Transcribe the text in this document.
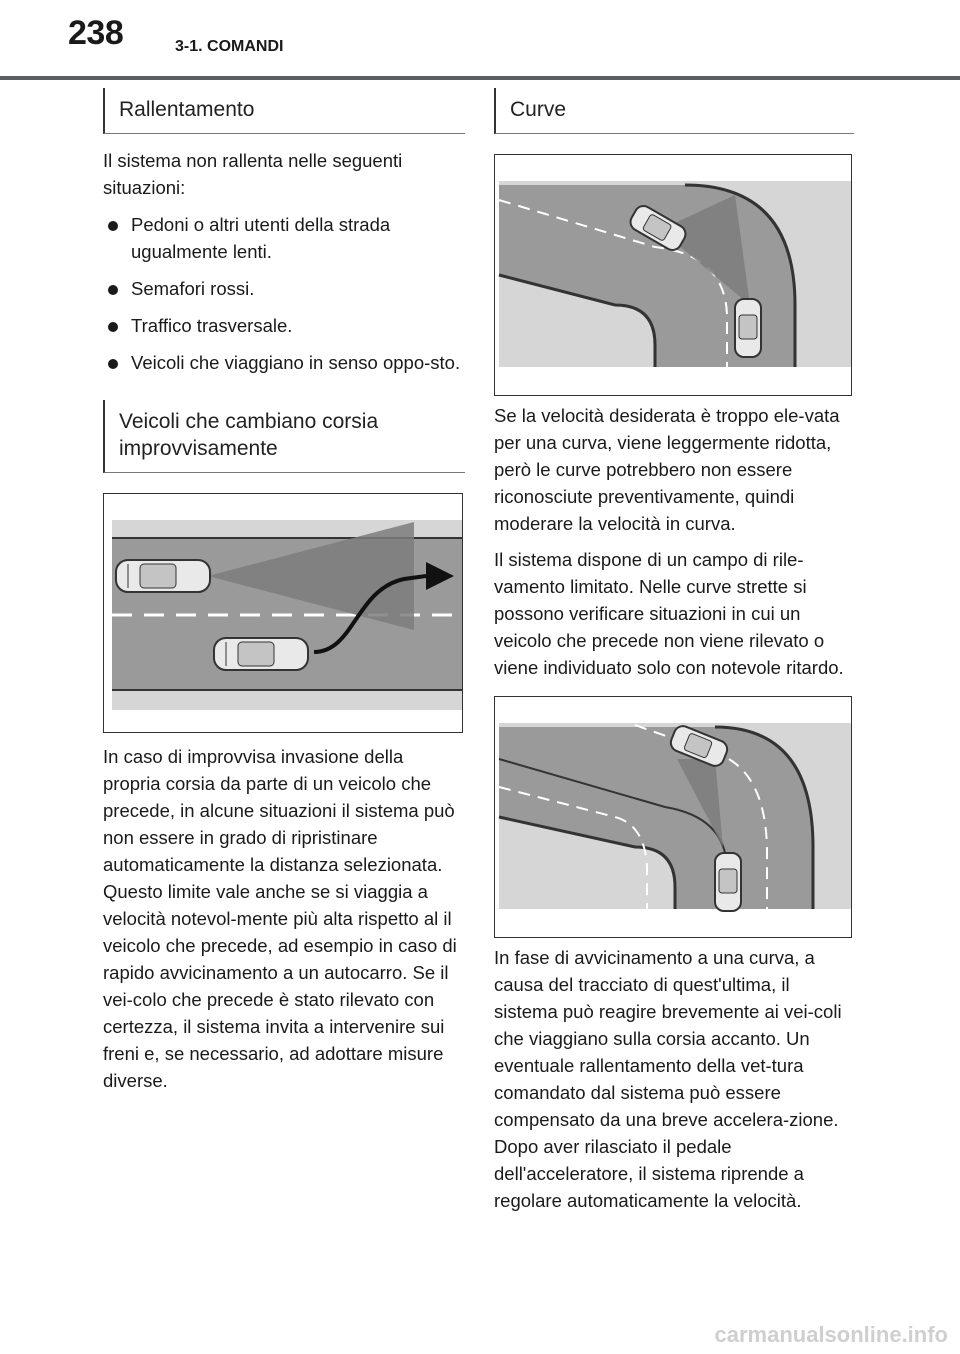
238	3-1. COMANDI
Rallentamento

Il sistema non rallenta nelle seguenti situazioni:

Pedoni o altri utenti della strada ugualmente lenti.
Semafori rossi.
Traffico trasversale.
Veicoli che viaggiano in senso oppo-sto.
Veicoli che cambiano corsia improvvisamente

In caso di improvvisa invasione della propria corsia da parte di un veicolo che precede, in alcune situazioni il sistema può non essere in grado di ripristinare automaticamente la distanza selezionata. Questo limite vale anche se si viaggia a velocità notevol-mente più alta rispetto al il veicolo che precede, ad esempio in caso di rapido avvicinamento a un autocarro. Se il vei-colo che precede è stato rilevato con certezza, il sistema invita a intervenire sui freni e, se necessario, ad adottare misure diverse.

Curve

Se la velocità desiderata è troppo ele-vata per una curva, viene leggermente ridotta, però le curve potrebbero non essere riconosciute preventivamente, quindi moderare la velocità in curva.

Il sistema dispone di un campo di rile-vamento limitato. Nelle curve strette si possono verificare situazioni in cui un veicolo che precede non viene rilevato o viene individuato solo con notevole ritardo.

In fase di avvicinamento a una curva, a causa del tracciato di quest'ultima, il sistema può reagire brevemente ai vei-coli che viaggiano sulla corsia accanto. Un eventuale rallentamento della vet-tura comandato dal sistema può essere compensato da una breve accelera-zione. Dopo aver rilasciato il pedale dell'acceleratore, il sistema riprende a regolare automaticamente la velocità.

carmanualsonline.info
